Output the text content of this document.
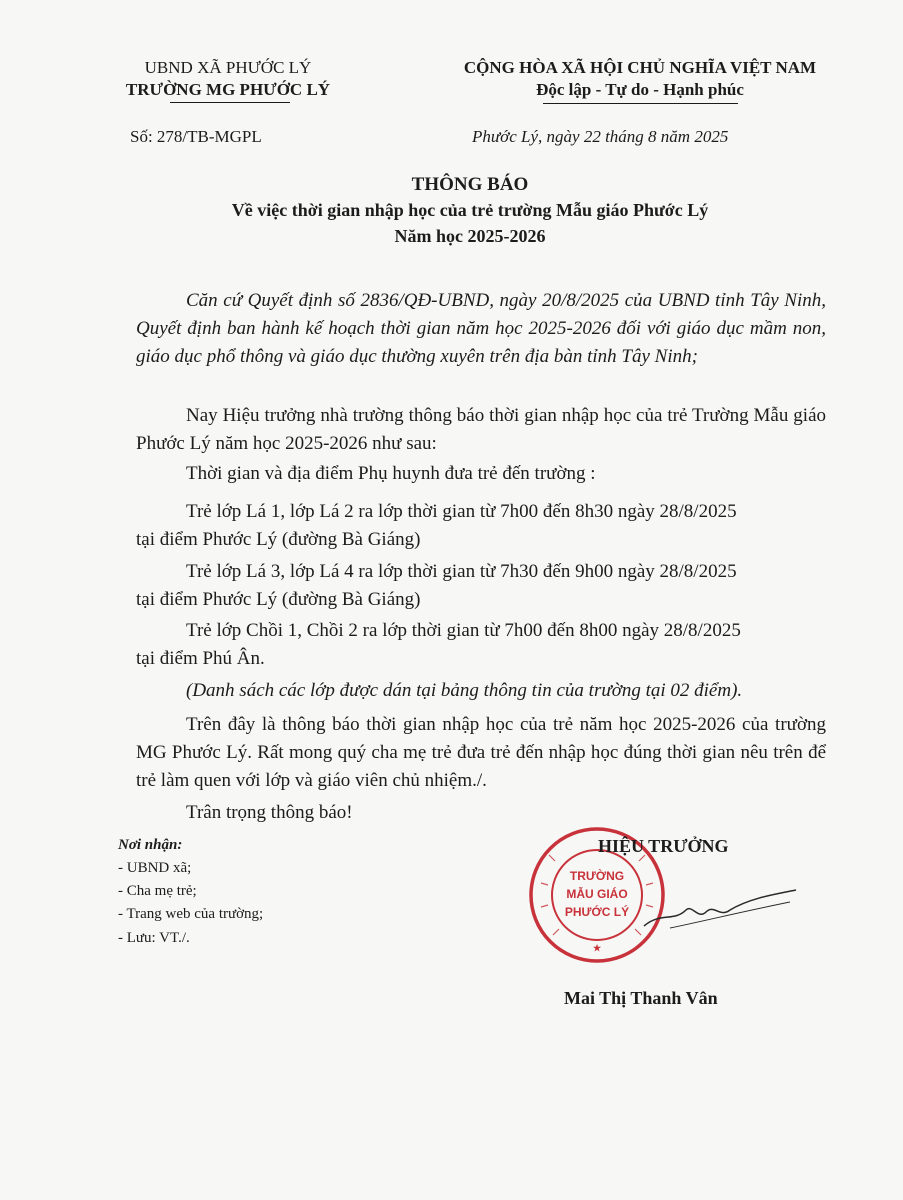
UBND XÃ PHƯỚC LÝ
TRƯỜNG MG PHƯỚC LÝ
CỘNG HÒA XÃ HỘI CHỦ NGHĨA VIỆT NAM
Độc lập - Tự do - Hạnh phúc
Số: 278/TB-MGPL	Phước Lý, ngày 22 tháng 8 năm 2025
THÔNG BÁO
Về việc thời gian nhập học của trẻ trường Mẫu giáo Phước Lý
Năm học 2025-2026
Căn cứ Quyết định số 2836/QĐ-UBND, ngày 20/8/2025 của UBND tỉnh Tây Ninh, Quyết định ban hành kế hoạch thời gian năm học 2025-2026 đối với giáo dục mầm non, giáo dục phổ thông và giáo dục thường xuyên trên địa bàn tỉnh Tây Ninh;
Nay Hiệu trưởng nhà trường thông báo thời gian nhập học của trẻ Trường Mẫu giáo Phước Lý năm học 2025-2026 như sau:
Thời gian và địa điểm Phụ huynh đưa trẻ đến trường :
Trẻ lớp Lá 1, lớp Lá 2 ra lớp thời gian từ 7h00 đến 8h30 ngày 28/8/2025
tại điểm Phước Lý (đường Bà Giáng)
Trẻ lớp Lá 3, lớp Lá 4 ra lớp thời gian từ 7h30 đến 9h00 ngày 28/8/2025
tại điểm Phước Lý (đường Bà Giáng)
Trẻ lớp Chồi 1, Chồi 2 ra lớp thời gian từ 7h00 đến 8h00 ngày 28/8/2025
tại điểm Phú Ân.
(Danh sách các lớp được dán tại bảng thông tin của trường tại 02 điểm).
Trên đây là thông báo thời gian nhập học của trẻ năm học 2025-2026 của trường MG Phước Lý. Rất mong quý cha mẹ trẻ đưa trẻ đến nhập học đúng thời gian nêu trên để trẻ làm quen với lớp và giáo viên chủ nhiệm./.
Trân trọng thông báo!
Nơi nhận:
- UBND xã;
- Cha mẹ trẻ;
- Trang web của trường;
- Lưu: VT./.
TRƯỜNG
MẪU GIÁO
PHƯỚC LÝ
★
HIỆU TRƯỞNG
Mai Thị Thanh Vân
